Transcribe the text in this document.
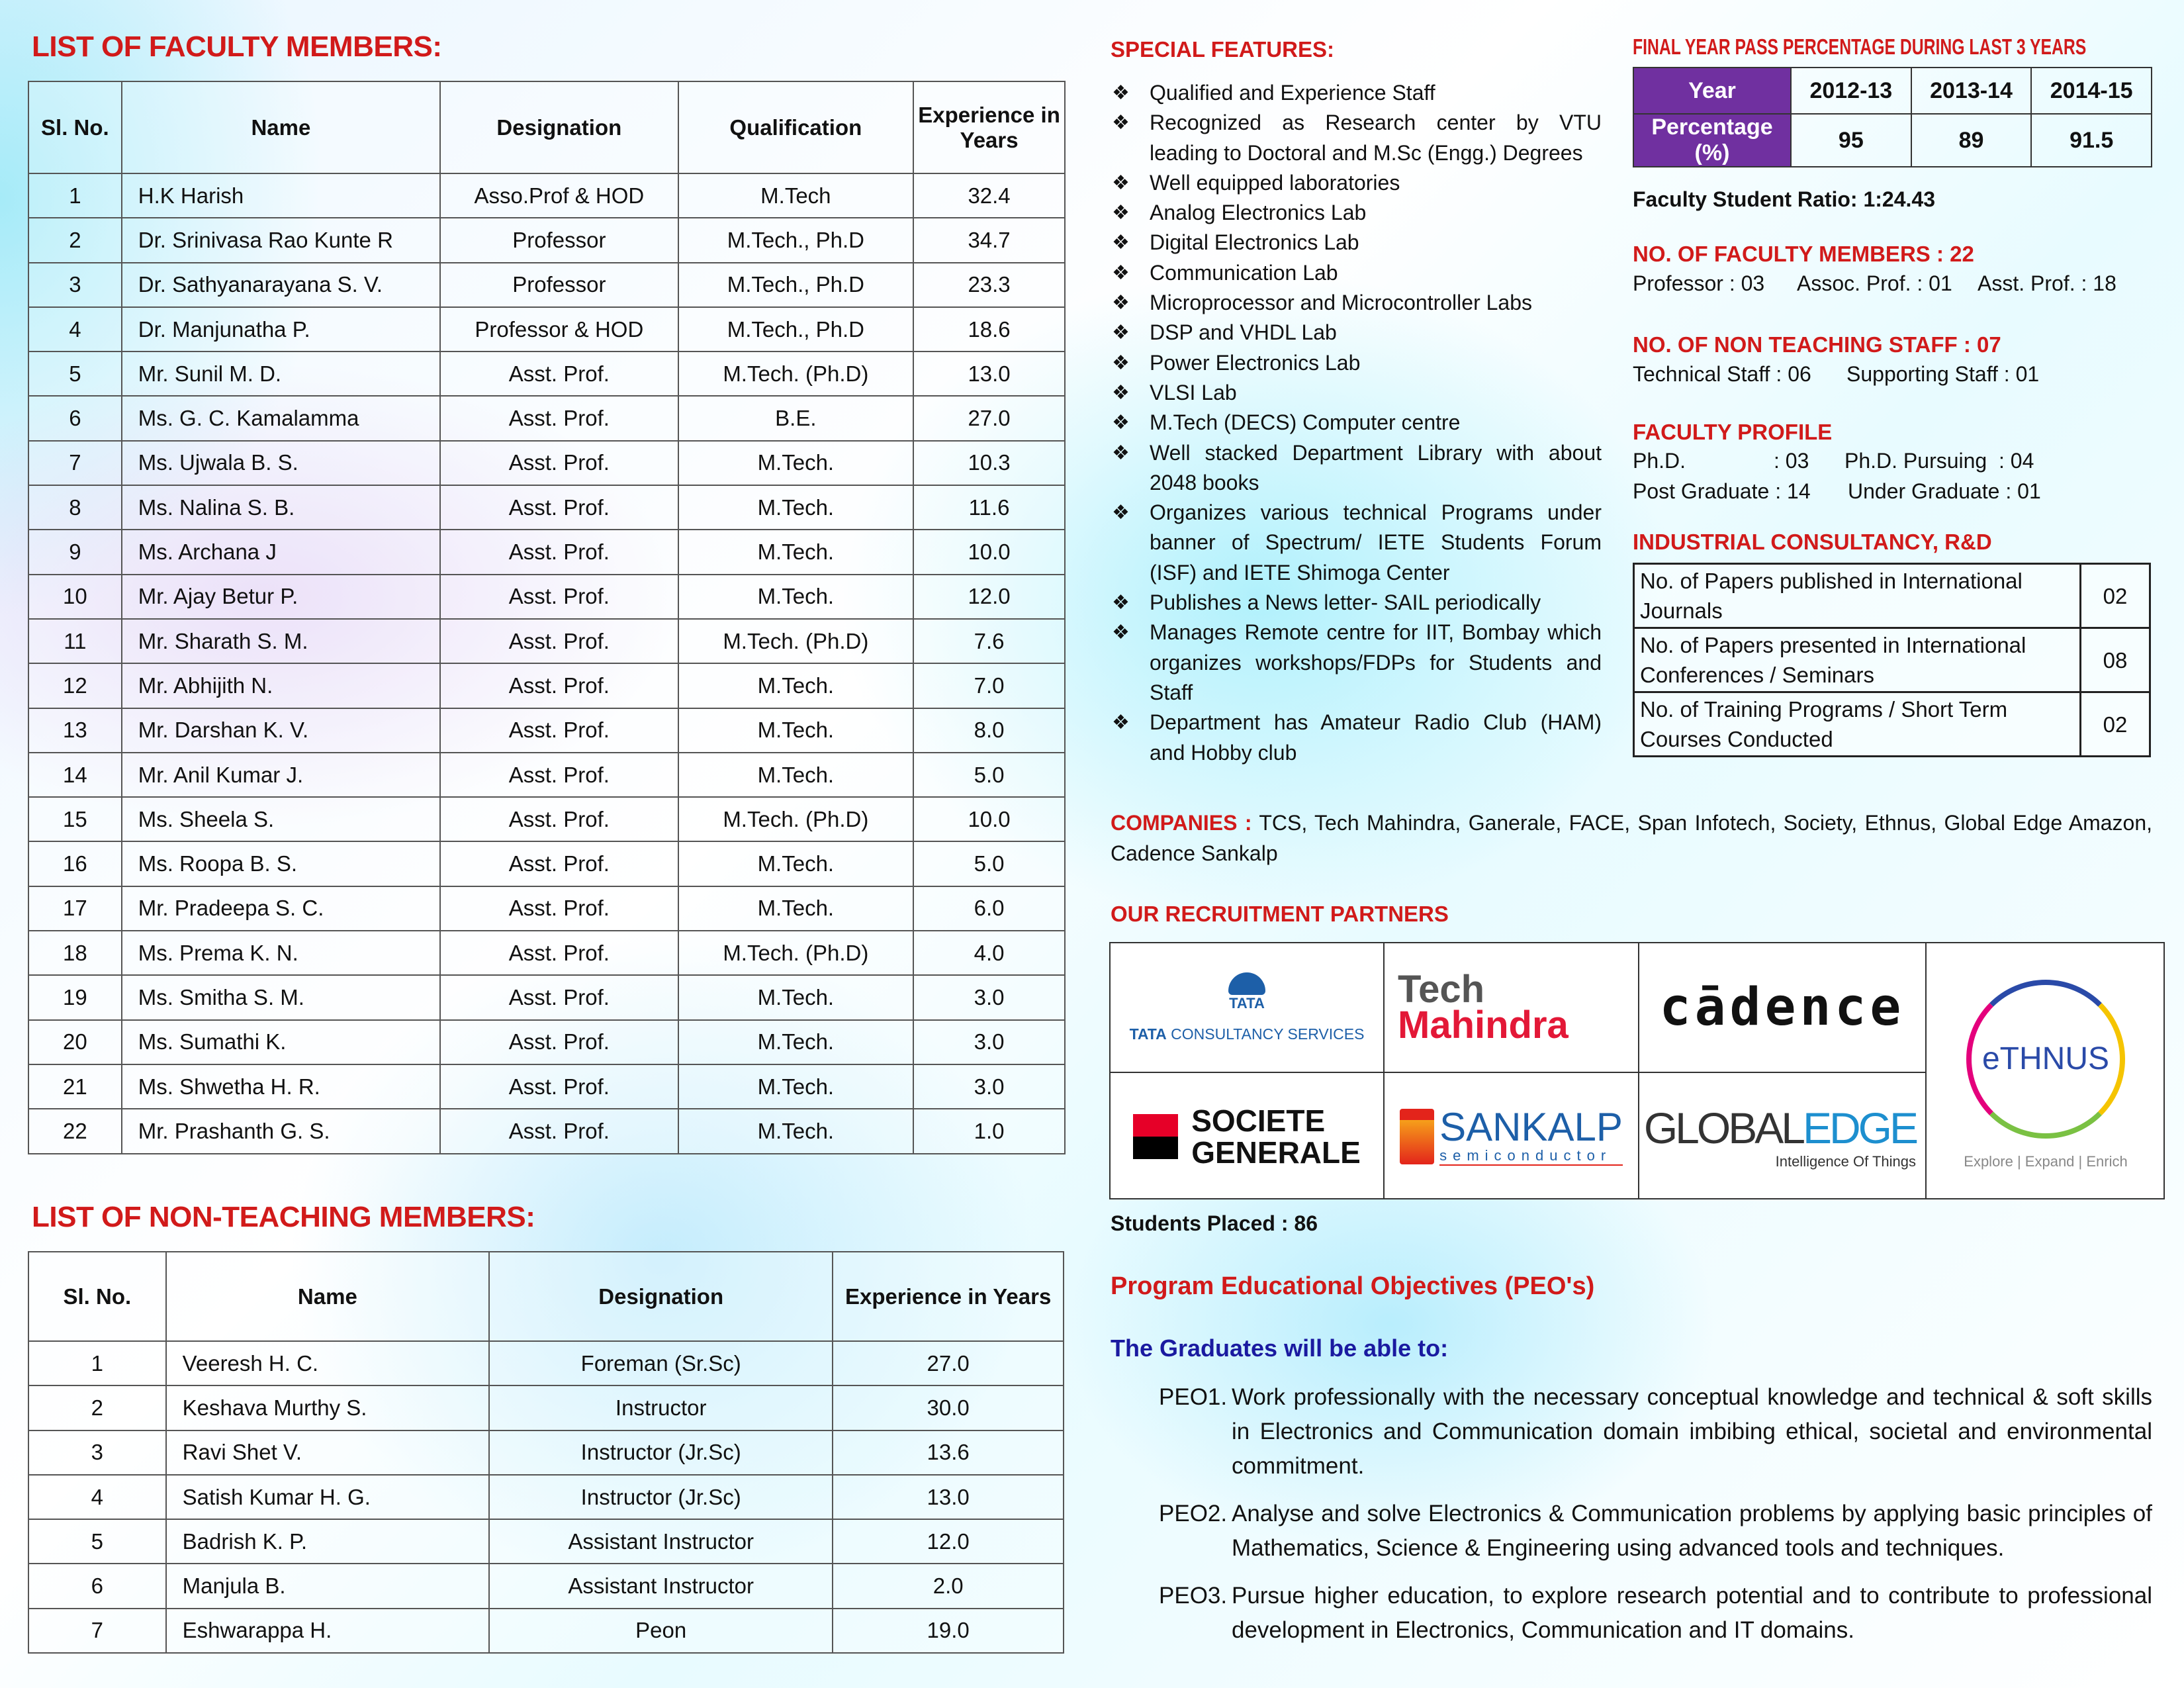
LIST OF FACULTY MEMBERS:
Sl. No.	Name	Designation	Qualification	Experience in Years
1	H.K Harish	Asso.Prof & HOD	M.Tech	32.4
2	Dr. Srinivasa Rao Kunte R	Professor	M.Tech., Ph.D	34.7
3	Dr. Sathyanarayana S. V.	Professor	M.Tech., Ph.D	23.3
4	Dr. Manjunatha P.	Professor & HOD	M.Tech., Ph.D	18.6
5	Mr. Sunil M. D.	Asst. Prof.	M.Tech. (Ph.D)	13.0
6	Ms. G. C. Kamalamma	Asst. Prof.	B.E.	27.0
7	Ms. Ujwala B. S.	Asst. Prof.	M.Tech.	10.3
8	Ms. Nalina S. B.	Asst. Prof.	M.Tech.	11.6
9	Ms. Archana J	Asst. Prof.	M.Tech.	10.0
10	Mr. Ajay Betur P.	Asst. Prof.	M.Tech.	12.0
11	Mr. Sharath S. M.	Asst. Prof.	M.Tech. (Ph.D)	7.6
12	Mr. Abhijith N.	Asst. Prof.	M.Tech.	7.0
13	Mr. Darshan K. V.	Asst. Prof.	M.Tech.	8.0
14	Mr. Anil Kumar J.	Asst. Prof.	M.Tech.	5.0
15	Ms. Sheela S.	Asst. Prof.	M.Tech. (Ph.D)	10.0
16	Ms. Roopa B. S.	Asst. Prof.	M.Tech.	5.0
17	Mr. Pradeepa S. C.	Asst. Prof.	M.Tech.	6.0
18	Ms. Prema K. N.	Asst. Prof.	M.Tech. (Ph.D)	4.0
19	Ms. Smitha S. M.	Asst. Prof.	M.Tech.	3.0
20	Ms. Sumathi K.	Asst. Prof.	M.Tech.	3.0
21	Ms. Shwetha H. R.	Asst. Prof.	M.Tech.	3.0
22	Mr. Prashanth G. S.	Asst. Prof.	M.Tech.	1.0
LIST OF NON-TEACHING MEMBERS:
Sl. No.	Name	Designation	Experience in Years
1	Veeresh H. C.	Foreman (Sr.Sc)	27.0
2	Keshava Murthy S.	Instructor	30.0
3	Ravi Shet V.	Instructor (Jr.Sc)	13.6
4	Satish Kumar H. G.	Instructor (Jr.Sc)	13.0
5	Badrish K. P.	Assistant Instructor	12.0
6	Manjula B.	Assistant Instructor	2.0
7	Eshwarappa H.	Peon	19.0
SPECIAL FEATURES:
❖ Qualified and Experience Staff
❖ Recognized as Research center by VTU leading to Doctoral and M.Sc (Engg.) Degrees
❖ Well equipped laboratories
❖ Analog Electronics Lab
❖ Digital Electronics Lab
❖ Communication Lab
❖ Microprocessor and Microcontroller Labs
❖ DSP and VHDL Lab
❖ Power Electronics Lab
❖ VLSI Lab
❖ M.Tech (DECS) Computer centre
❖ Well stacked Department Library with about 2048 books
❖ Organizes various technical Programs under banner of Spectrum/ IETE Students Forum (ISF) and IETE Shimoga Center
❖ Publishes a News letter- SAIL periodically
❖ Manages Remote centre for IIT, Bombay which organizes workshops/FDPs for Students and Staff
❖ Department has Amateur Radio Club (HAM) and Hobby club
FINAL YEAR PASS PERCENTAGE DURING LAST 3 YEARS
Year	2012-13	2013-14	2014-15
Percentage (%)	95	89	91.5
Faculty Student Ratio: 1:24.43
NO. OF FACULTY MEMBERS : 22
Professor : 03 Assoc. Prof. : 01 Asst. Prof. : 18
NO. OF NON TEACHING STAFF : 07
Technical Staff : 06 Supporting Staff : 01
FACULTY PROFILE
Ph.D.	: 03 Ph.D. Pursuing : 04
Post Graduate : 14 Under Graduate : 01
INDUSTRIAL CONSULTANCY, R&D
No. of Papers published in International Journals	02
No. of Papers presented in International Conferences / Seminars	08
No. of Training Programs / Short Term Courses Conducted	02
COMPANIES : TCS, Tech Mahindra, Ganerale, FACE, Span Infotech, Society, Ethnus, Global Edge Amazon, Cadence Sankalp
OUR RECRUITMENT PARTNERS
TATA
TATA CONSULTANCY SERVICES
Tech
Mahindra cādence
SOCIETE
GENERALE
SANKALP
semiconductor
GLOBALEDGE
Intelligence Of Things
eTHNUS
Explore | Expand | Enrich
Students Placed : 86
Program Educational Objectives (PEO's)
The Graduates will be able to:
PEO1. Work professionally with the necessary conceptual knowledge and technical & soft skills in Electronics and Communication domain imbibing ethical, societal and environmental commitment.
PEO2. Analyse and solve Electronics & Communication problems by applying basic principles of Mathematics, Science & Engineering using advanced tools and techniques.
PEO3. Pursue higher education, to explore research potential and to contribute to professional development in Electronics, Communication and IT domains.
